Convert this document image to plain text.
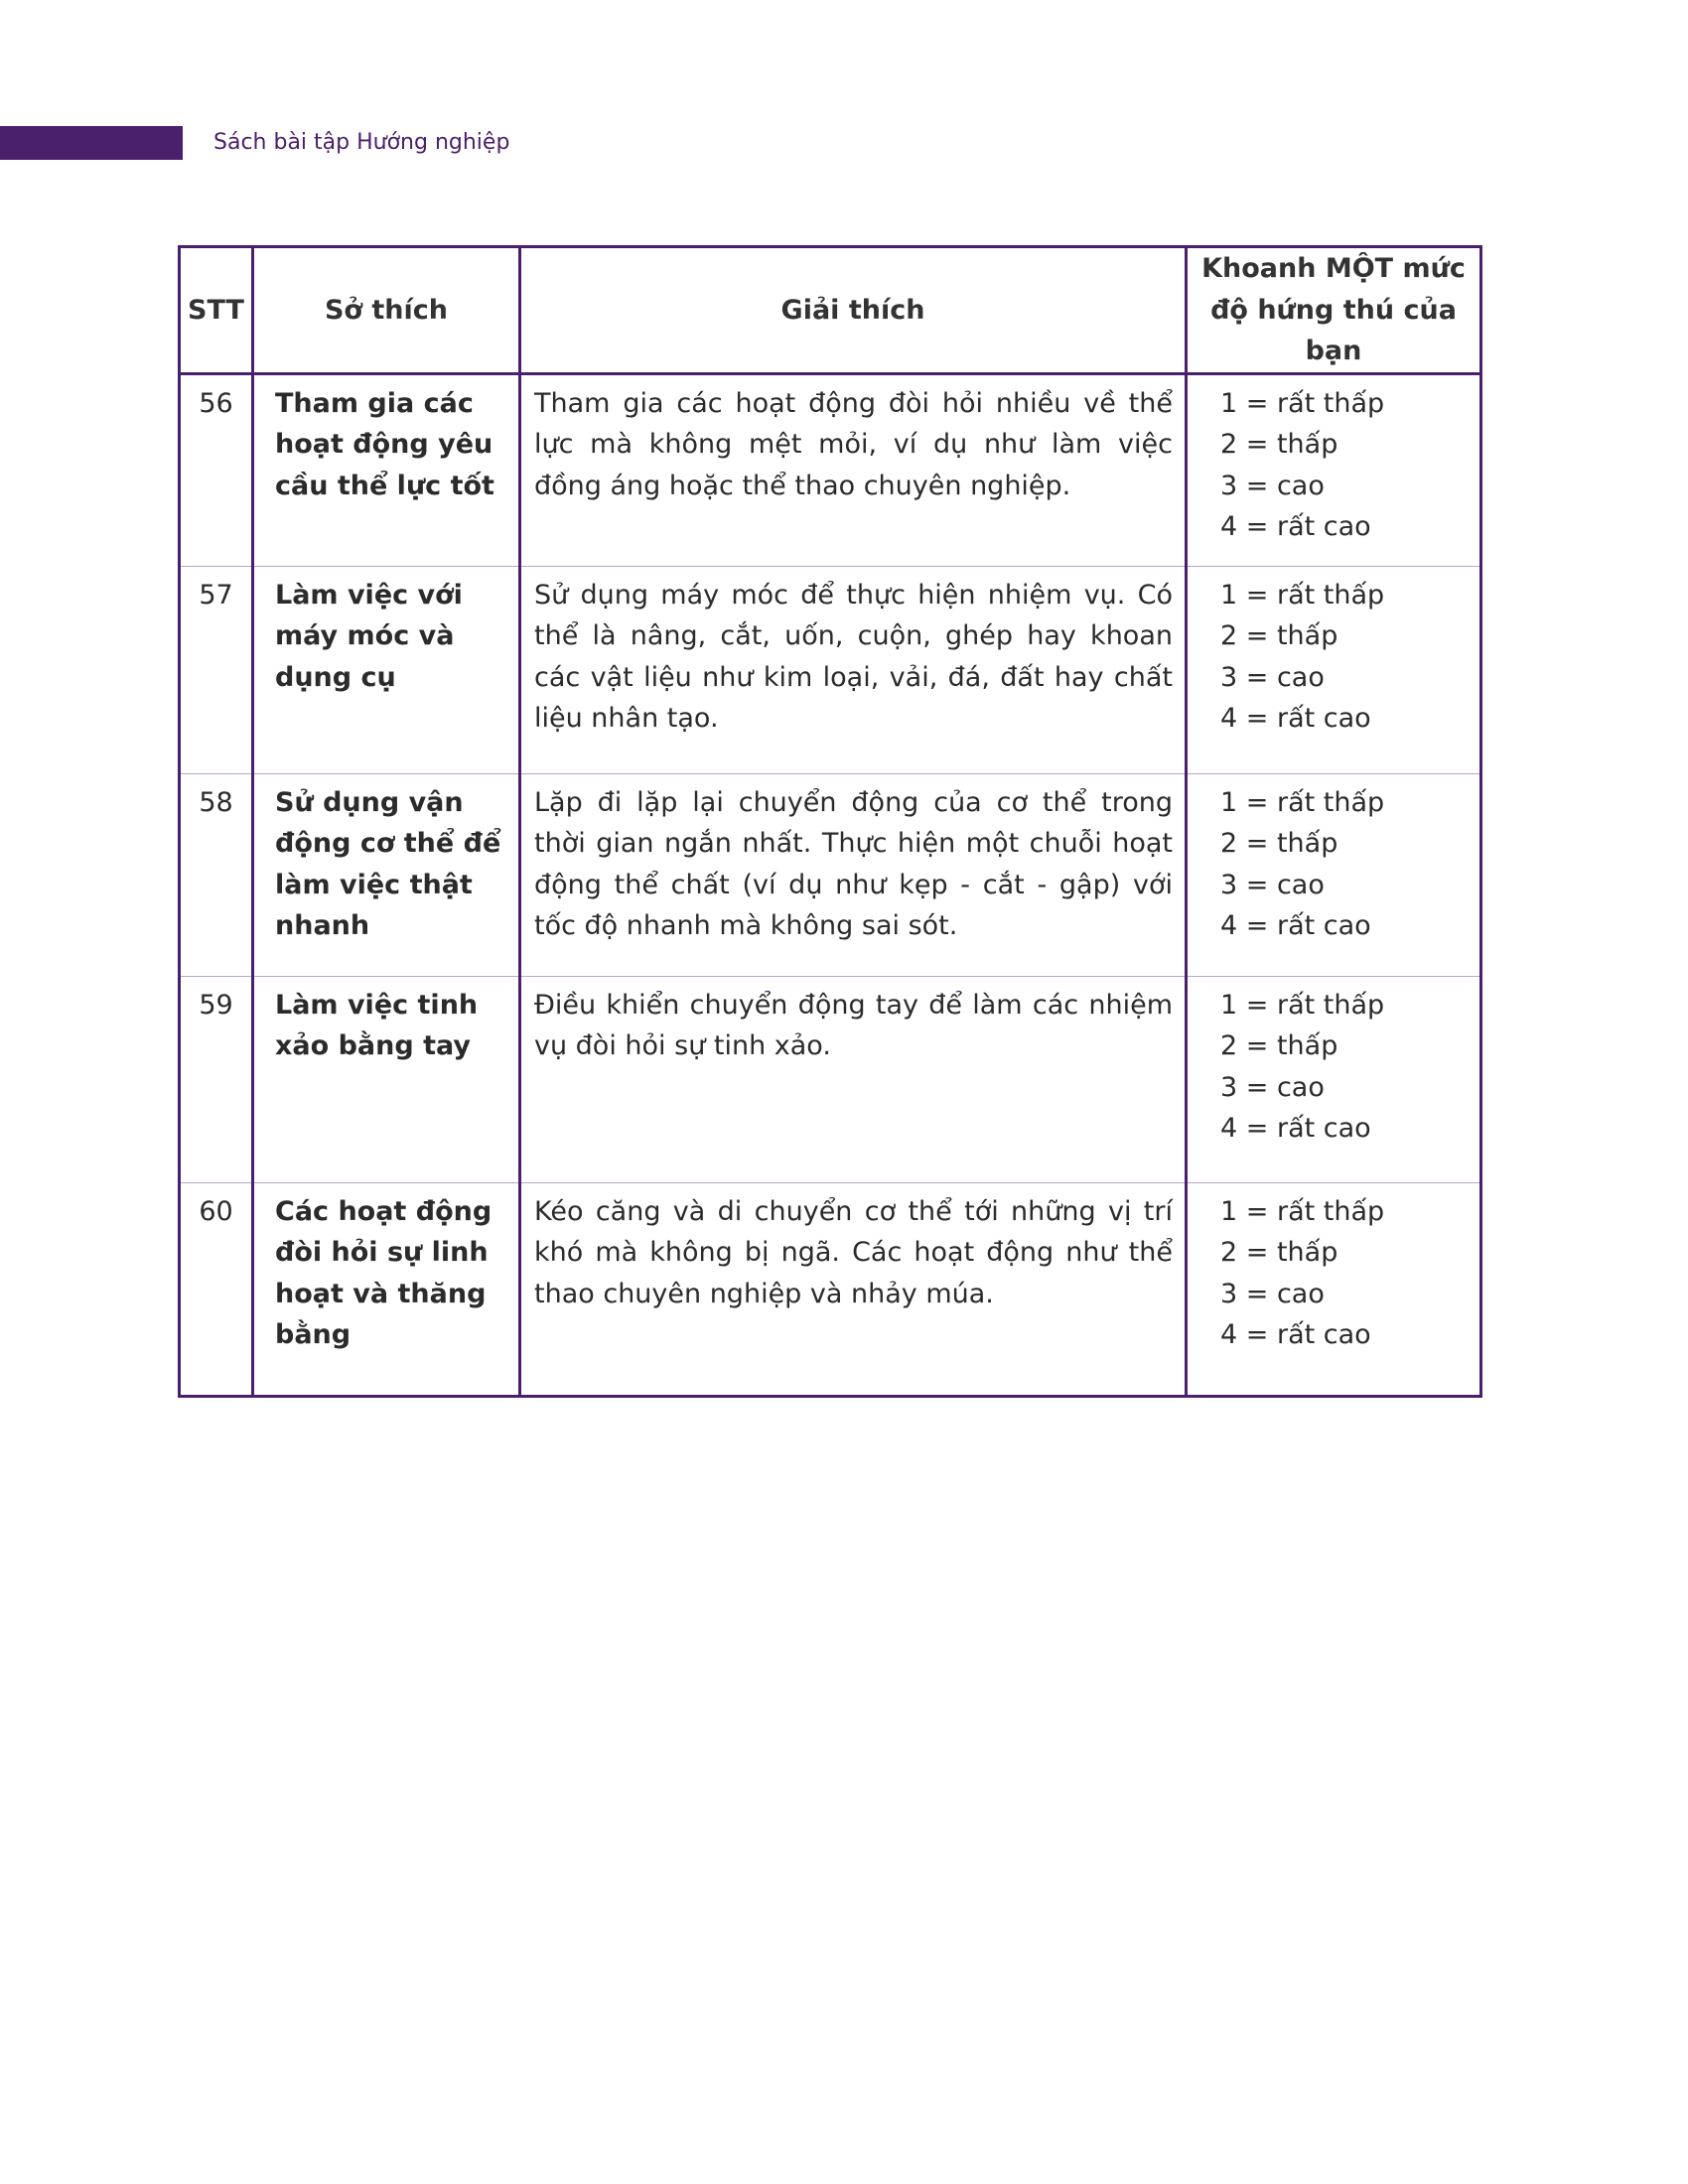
Sách bài tập Hướng nghiệp
STT	Sở thích	Giải thích	Khoanh MỘT mức độ hứng thú của bạn
56	Tham gia các hoạt động yêu cầu thể lực tốt	Tham gia các hoạt động đòi hỏi nhiều về thể lực mà không mệt mỏi, ví dụ như làm việc đồng áng hoặc thể thao chuyên nghiệp.	1 = rất thấp
2 = thấp
3 = cao
4 = rất cao

57	Làm việc với máy móc và dụng cụ	Sử dụng máy móc để thực hiện nhiệm vụ. Có thể là nâng, cắt, uốn, cuộn, ghép hay khoan các vật liệu như kim loại, vải, đá, đất hay chất liệu nhân tạo.	1 = rất thấp
2 = thấp
3 = cao
4 = rất cao

58	Sử dụng vận động cơ thể để làm việc thật nhanh	Lặp đi lặp lại chuyển động của cơ thể trong thời gian ngắn nhất. Thực hiện một chuỗi hoạt động thể chất (ví dụ như kẹp - cắt - gập) với tốc độ nhanh mà không sai sót.	1 = rất thấp
2 = thấp
3 = cao
4 = rất cao

59	Làm việc tinh xảo bằng tay	Điều khiển chuyển động tay để làm các nhiệm vụ đòi hỏi sự tinh xảo.	1 = rất thấp
2 = thấp
3 = cao
4 = rất cao

60	Các hoạt động đòi hỏi sự linh hoạt và thăng bằng	Kéo căng và di chuyển cơ thể tới những vị trí khó mà không bị ngã. Các hoạt động như thể thao chuyên nghiệp và nhảy múa.	1 = rất thấp
2 = thấp
3 = cao
4 = rất cao
